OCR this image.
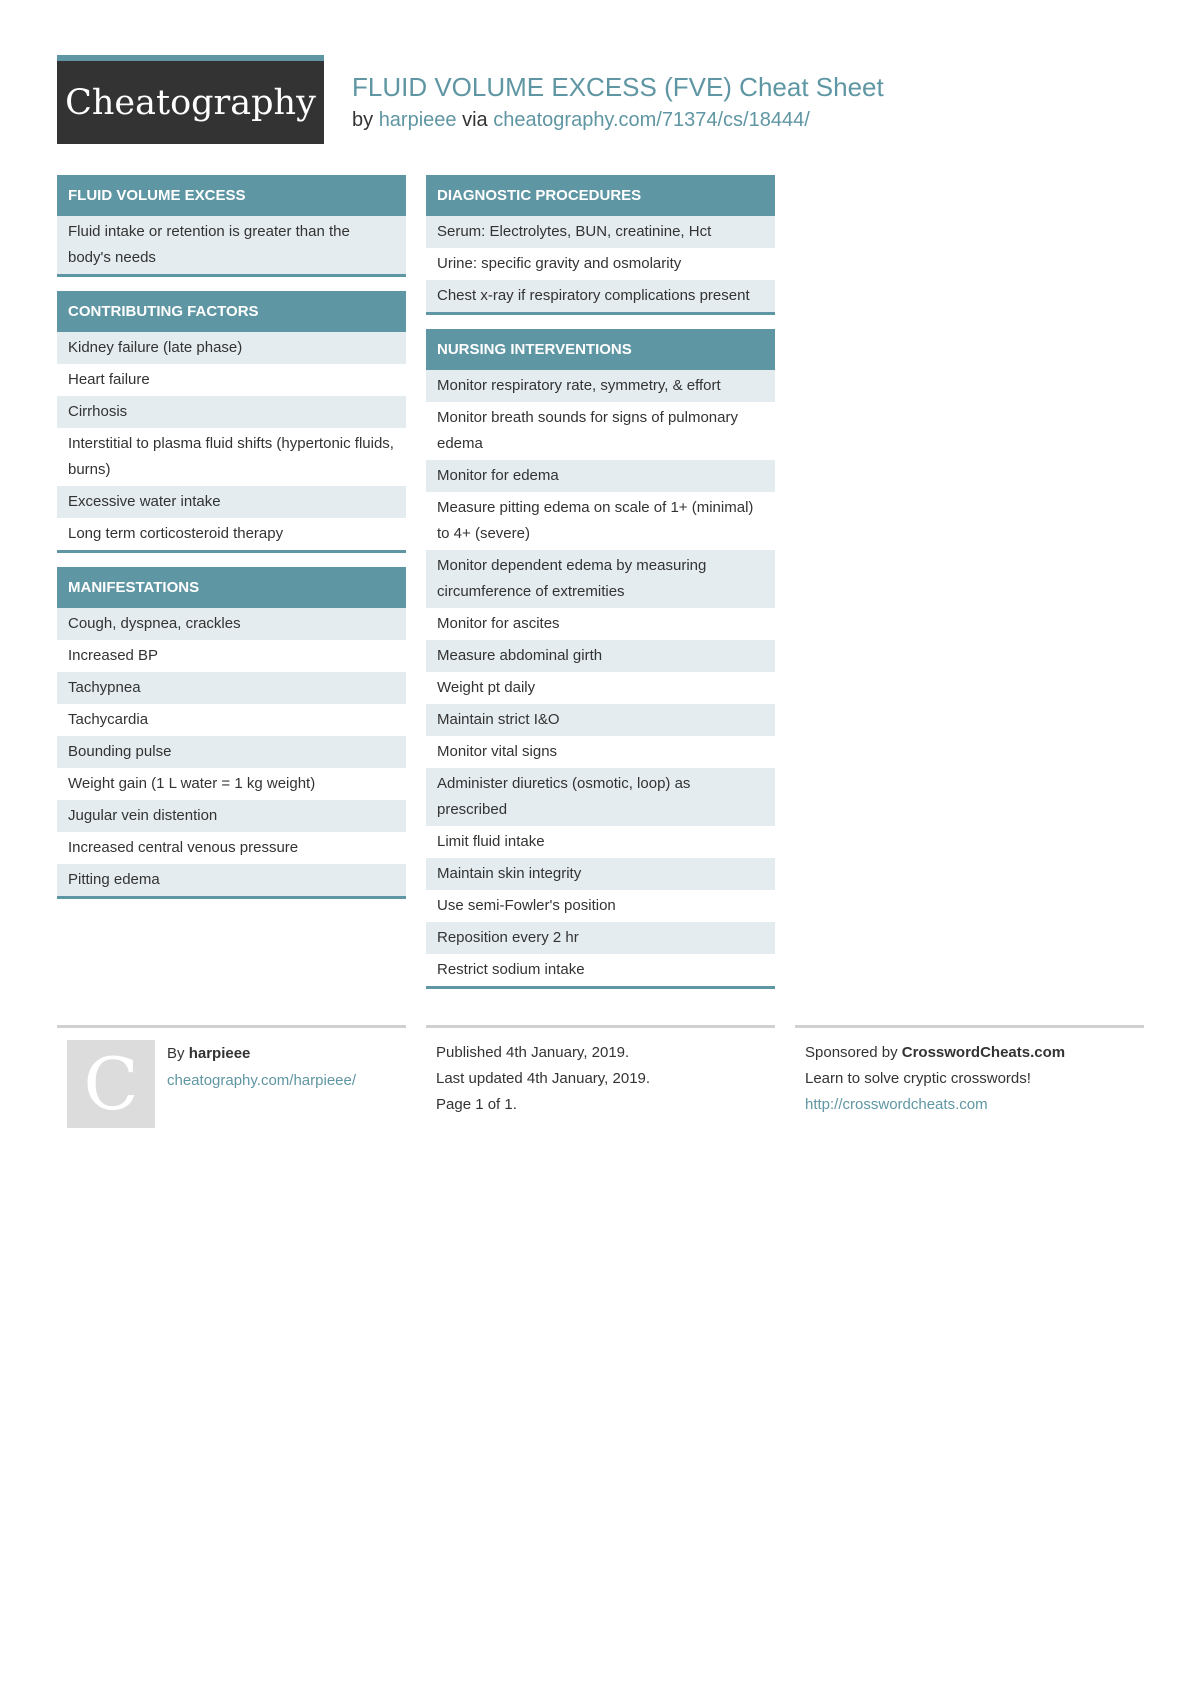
Cheatography	FLUID VOLUME EXCESS (FVE) Cheat Sheet
by harpieee via cheatography.com/71374/cs/18444/
FLUID VOLUME EXCESS
Fluid intake or retention is greater than the body's needs
CONTRIBUTING FACTORS
Kidney failure (late phase)
Heart failure
Cirrhosis
Interstitial to plasma fluid shifts (hypertonic fluids, burns)
Excessive water intake
Long term corticosteroid therapy
MANIFESTATIONS
Cough, dyspnea, crackles
Increased BP
Tachypnea
Tachycardia
Bounding pulse
Weight gain (1 L water = 1 kg weight)
Jugular vein distention
Increased central venous pressure
Pitting edema
DIAGNOSTIC PROCEDURES
Serum: Electrolytes, BUN, creatinine, Hct
Urine: specific gravity and osmolarity
Chest x-ray if respiratory complications present
NURSING INTERVENTIONS
Monitor respiratory rate, symmetry, & effort
Monitor breath sounds for signs of pulmonary edema
Monitor for edema
Measure pitting edema on scale of 1+ (minimal) to 4+ (severe)
Monitor dependent edema by measuring circumference of extremities
Monitor for ascites
Measure abdominal girth
Weight pt daily
Maintain strict I&O
Monitor vital signs
Administer diuretics (osmotic, loop) as prescribed
Limit fluid intake
Maintain skin integrity
Use semi-Fowler's position
Reposition every 2 hr
Restrict sodium intake
C	By harpieee
cheatography.com/harpieee/
Published 4th January, 2019.
Last updated 4th January, 2019.
Page 1 of 1.
Sponsored by CrosswordCheats.com
Learn to solve cryptic crosswords!
http://crosswordcheats.com
